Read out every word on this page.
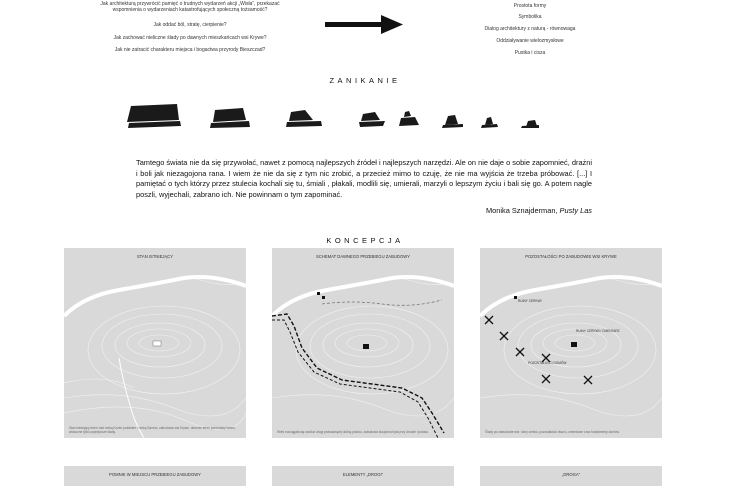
Jak architekturą przywrócić pamięć o trudnych wydarzeń akcji „Wisła”, przekazać
wspomnienia o wydarzeniach katastrofujących społeczną tożsamość?
Jak oddać ból, stratę, cierpienie?
Jak zachować nieliczne ślady po dawnych mieszkańcach wsi Krywe?
Jak nie zatracić charakteru miejsca i bogactwa przyrody Bieszczad?
Prostota formy
Symbolika
Dialog architektury z naturą - równowaga
Oddziaływanie wielozmysłowe
Pustka i cisza
ZANIKANIE
Tamtego świata nie da się przywołać, nawet z pomocą najlepszych źródeł i najlepszych narzędzi. Ale on nie daje o sobie zapomnieć, drażni i boli jak niezagojona rana. I wiem że nie da się z tym nic zrobić, a przecież mimo to czuję, że nie ma wyjścia że trzeba próbować. [...] I pamiętać o tych którzy przez stulecia kochali się tu, śmiali , płakali, modlili się, umierali, marzyli o lepszym życiu i bali się go. A potem nagle poszli, wyjechali, zabrano ich. Nie powinnam o tym zapominać.
Monika Sznajderman, Pusty Las
KONCEPCJA
STAN ISTNIEJĄCY
Stan istniejący teren nad rzeką Kozim potokiem i rzeką Sanem, zabudowa wsi Krywe, obecnie teren porośnięty lasem, widoczne tylko pojedyncze ślady.
SCHEMAT DAWNEGO PRZEBIEGU ZABUDOWY
Wieś rozciągała się wzdłuż drogi prowadzącej doliną potoku, zabudowa skupiona była przy drodze i potoku.
RUINY CERKWI
RUINY CERKWI / CMENTARZ
POZOSTAŁOŚCI DOMÓW
POZOSTAŁOŚCI PO ZABUDOWIE WSI KRYWE
Ślady po zabudowie wsi: ruiny cerkwi, pozostałości dworu, cmentarze oraz fundamenty domów.
POMNIK W MIEJSCU PRZEBIEGU ZABUDOWY	ELEMENTY „DROGI”	„DROGA”
